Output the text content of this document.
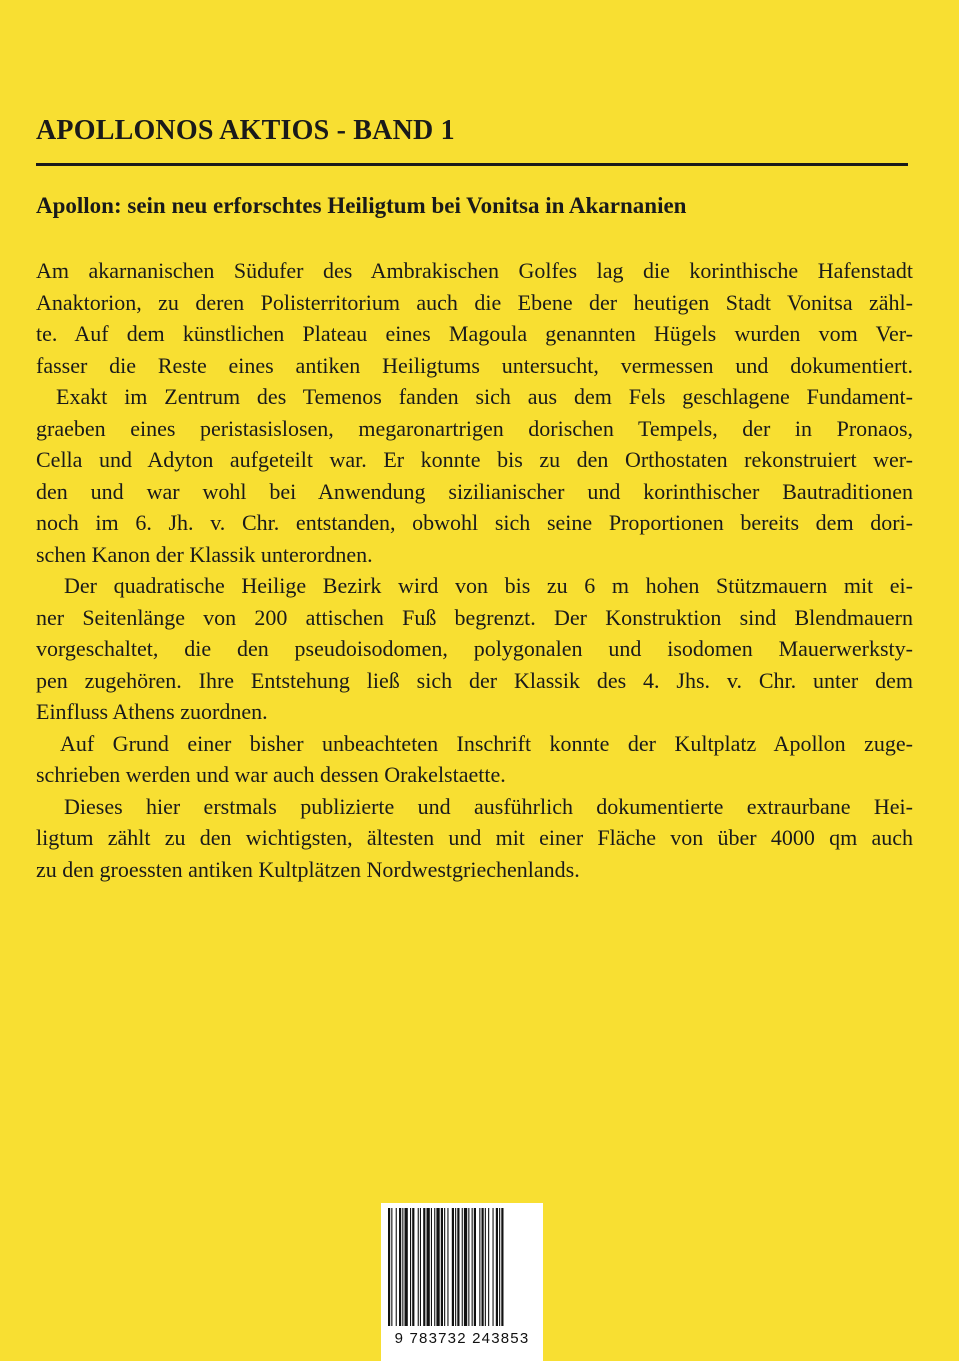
APOLLONOS AKTIOS - BAND 1
Apollon: sein neu erforschtes Heiligtum bei Vonitsa in Akarnanien
Am akarnanischen Südufer des Ambrakischen Golfes lag die korinthische Hafenstadt
Anaktorion, zu deren Polisterritorium auch die Ebene der heutigen Stadt Vonitsa zähl-
te. Auf dem künstlichen Plateau eines Magoula genannten Hügels wurden vom Ver-
fasser die Reste eines antiken Heiligtums untersucht, vermessen und dokumentiert.
Exakt im Zentrum des Temenos fanden sich aus dem Fels geschlagene Fundament-
graeben eines peristasislosen, megaronartrigen dorischen Tempels, der in Pronaos,
Cella und Adyton aufgeteilt war. Er konnte bis zu den Orthostaten rekonstruiert wer-
den und war wohl bei Anwendung sizilianischer und korinthischer Bautraditionen
noch im 6. Jh. v. Chr. entstanden, obwohl sich seine Proportionen bereits dem dori-
schen Kanon der Klassik unterordnen.
Der quadratische Heilige Bezirk wird von bis zu 6 m hohen Stützmauern mit ei-
ner Seitenlänge von 200 attischen Fuß begrenzt. Der Konstruktion sind Blendmauern
vorgeschaltet, die den pseudoisodomen, polygonalen und isodomen Mauerwerksty-
pen zugehören. Ihre Entstehung ließ sich der Klassik des 4. Jhs. v. Chr. unter dem
Einfluss Athens zuordnen.
Auf Grund einer bisher unbeachteten Inschrift konnte der Kultplatz Apollon zuge-
schrieben werden und war auch dessen Orakelstaette.
Dieses hier erstmals publizierte und ausführlich dokumentierte extraurbane Hei-
ligtum zählt zu den wichtigsten, ältesten und mit einer Fläche von über 4000 qm auch
zu den groessten antiken Kultplätzen Nordwestgriechenlands.
9 783732 243853
